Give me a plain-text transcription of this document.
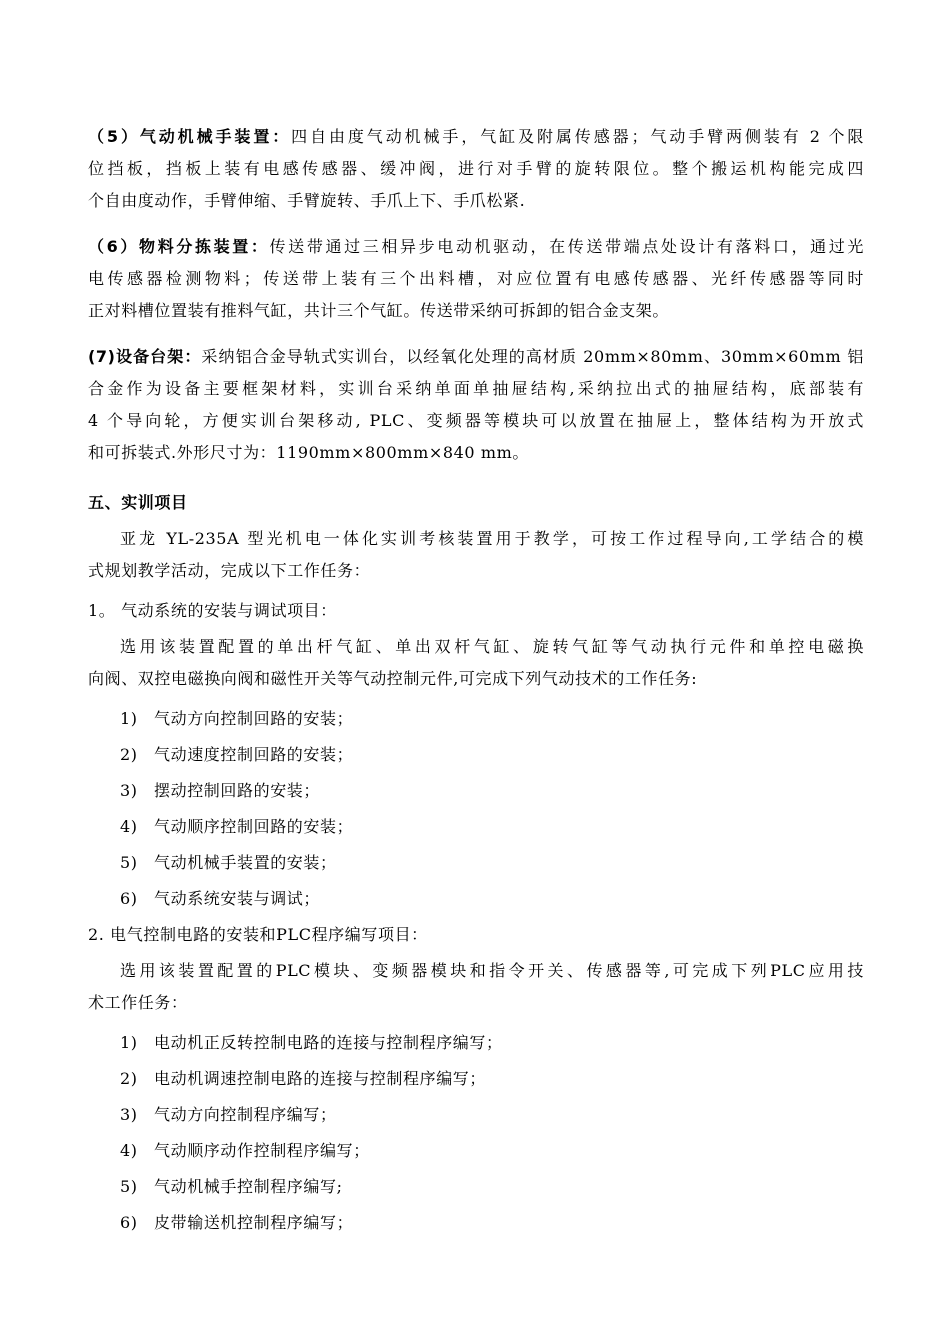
（5）气动机械手装置：四自由度气动机械手，气缸及附属传感器；气动手臂两侧装有 2 个限
位挡板，挡板上装有电感传感器、缓冲阀，进行对手臂的旋转限位。整个搬运机构能完成四
个自由度动作，手臂伸缩、手臂旋转、手爪上下、手爪松紧.
（6）物料分拣装置：传送带通过三相异步电动机驱动，在传送带端点处设计有落料口，通过光
电传感器检测物料；传送带上装有三个出料槽，对应位置有电感传感器、光纤传感器等同时
正对料槽位置装有推料气缸，共计三个气缸。传送带采纳可拆卸的铝合金支架。
(7)设备台架：采纳铝合金导轨式实训台，以经氧化处理的高材质 20mm×80mm、30mm×60mm 铝
合金作为设备主要框架材料，实训台采纳单面单抽屉结构,采纳拉出式的抽屉结构，底部装有
4 个导向轮，方便实训台架移动, PLC、变频器等模块可以放置在抽屉上，整体结构为开放式
和可拆装式.外形尺寸为：1190mm×800mm×840 mm。
五、实训项目
亚龙 YL-235A 型光机电一体化实训考核装置用于教学，可按工作过程导向,工学结合的模
式规划教学活动，完成以下工作任务：
1。 气动系统的安装与调试项目：
选用该装置配置的单出杆气缸、单出双杆气缸、旋转气缸等气动执行元件和单控电磁换
向阀、双控电磁换向阀和磁性开关等气动控制元件,可完成下列气动技术的工作任务:
1) 气动方向控制回路的安装；
2) 气动速度控制回路的安装；
3) 摆动控制回路的安装；
4) 气动顺序控制回路的安装；
5) 气动机械手装置的安装；
6) 气动系统安装与调试；
2. 电气控制电路的安装和PLC程序编写项目：
选用该装置配置的PLC模块、变频器模块和指令开关、传感器等,可完成下列PLC应用技
术工作任务：
1) 电动机正反转控制电路的连接与控制程序编写；
2) 电动机调速控制电路的连接与控制程序编写；
3) 气动方向控制程序编写；
4) 气动顺序动作控制程序编写；
5) 气动机械手控制程序编写;
6) 皮带输送机控制程序编写；
